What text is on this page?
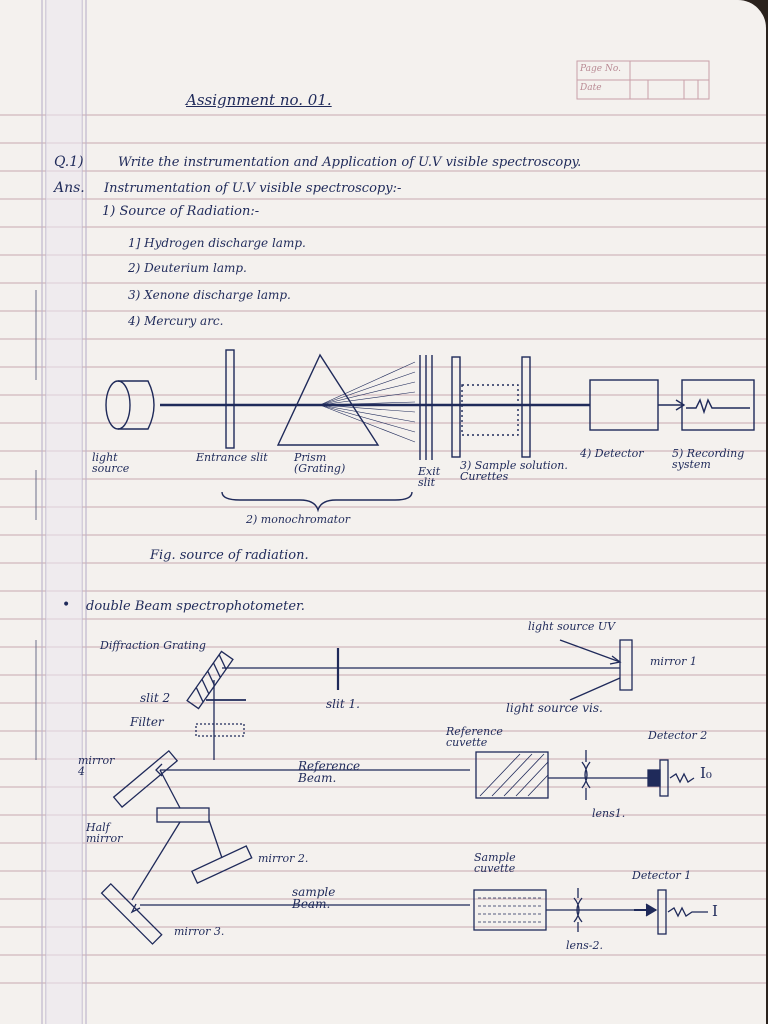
Page No.
Date
Assignment no. 01.
Q.1)	Write the instrumentation and Application of U.V visible spectroscopy.
Ans. Instrumentation of U.V visible spectroscopy:-
1) Source of Radiation:-
1] Hydrogen discharge lamp.
2) Deuterium lamp.
3) Xenone discharge lamp.
4) Mercury arc.
light source
Entrance slit	Prism (Grating)	Exit slit
3) Sample solution. Curettes
4) Detector	5) Recording system
2) monochromator
Fig. source of radiation.
• double Beam spectrophotometer.
Diffraction Grating
light source UV
mirror 1
slit 2	slit 1.	light source vis.
Filter
Reference cuvette
Detector 2
mirror 4	Reference Beam.	I₀
lens1.
Half mirror
mirror 2.	Sample cuvette
Detector 1
sample Beam.	I
mirror 3.
lens-2.
